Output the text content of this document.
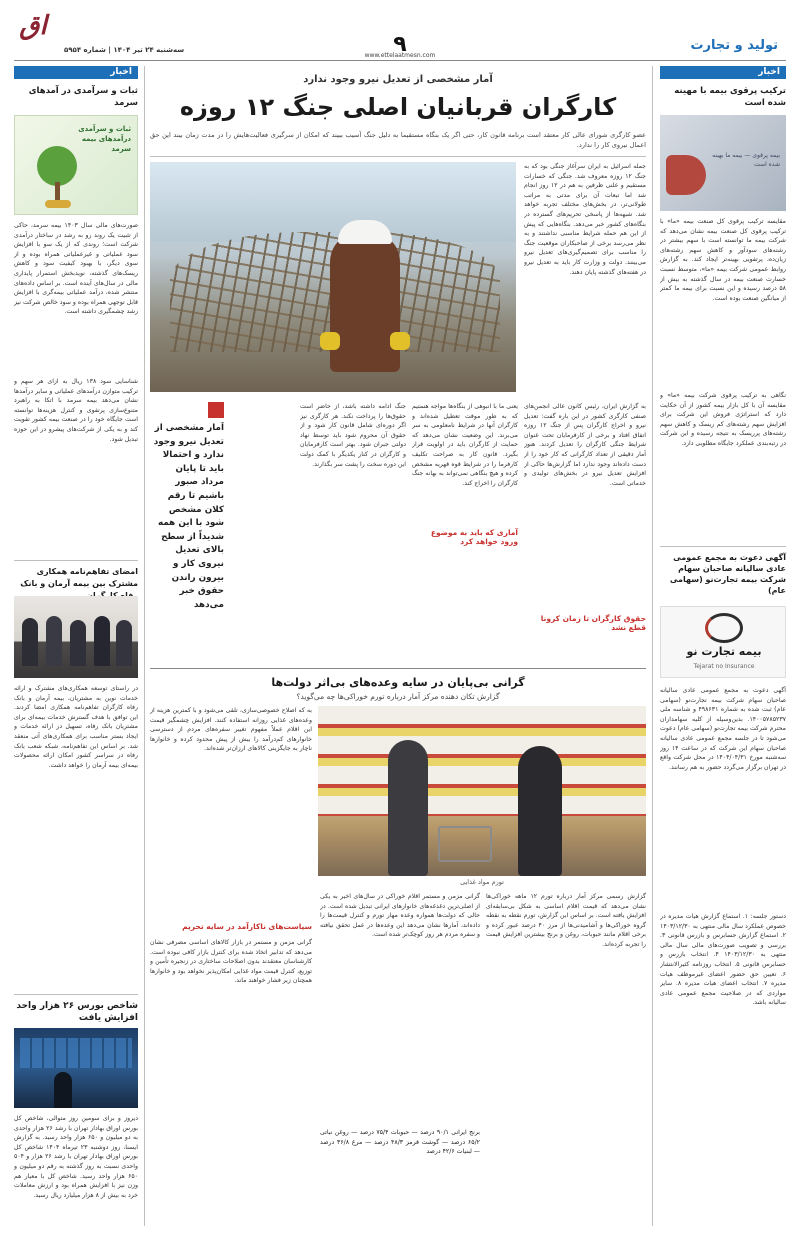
اق
سه‌شنبه ۲۴ تیر ۱۴۰۴ | شماره ۵۹۵۴	۹
www.ettelaatmesn.com
تولید و تجارت
اخبار
ثبات و سرآمدی در آمدهای سرمد
ثبات و سرآمدی درآمدهای بیمه سرمد
صورت‌های مالی سال ۱۴۰۳ بیمه سرمد، حاکی از تثبیت یک روند رو به رشد در ساختار درآمدی شرکت است؛ روندی که از یک سو با افزایش سود عملیاتی و غیرعملیاتی همراه بوده و از سوی دیگر، با بهبود کیفیت سود و کاهش ریسک‌های گذشته، نویدبخش استمرار پایداری مالی در سال‌های آینده است. بر اساس داده‌های منتشر شده، درآمد عملیاتی بیمه‌گری با افزایش قابل توجهی همراه بوده و سود خالص شرکت نیز رشد چشمگیری داشته است.
شناسایی سود ۱۳۸ ریال به ازای هر سهم و ترکیب متوازن درآمدهای عملیاتی و سایر درآمدها نشان می‌دهد بیمه سرمد با اتکا به راهبرد متنوع‌سازی پرتفوی و کنترل هزینه‌ها توانسته است جایگاه خود را در صنعت بیمه کشور تقویت کند و به یکی از شرکت‌های پیشرو در این حوزه تبدیل شود.
امضای تفاهم‌نامه همکاری مشترک بین بیمه آرمان و بانک
در راستای توسعه همکاری‌های مشترک و ارائه خدمات نوین به مشتریان، بیمه آرمان و بانک رفاه کارگران تفاهم‌نامه همکاری امضا کردند. این توافق با هدف گسترش خدمات بیمه‌ای برای مشتریان بانک رفاه، تسهیل در ارائه خدمات و ایجاد بستر مناسب برای همکاری‌های آتی منعقد شد. بر اساس این تفاهم‌نامه، شبکه شعب بانک رفاه در سراسر کشور امکان ارائه محصولات بیمه‌ای بیمه آرمان را خواهد داشت.
شاخص بورس ۲۶ هزار واحد افزایش یافت
دیروز و برای سومین روز متوالی، شاخص کل بورس اوراق بهادار تهران با رشد ۲۶ هزار واحدی به دو میلیون و ۶۵۰ هزار واحد رسید. به گزارش ایسنا، روز دوشنبه ۲۳ تیرماه ۱۴۰۴ شاخص کل بورس اوراق بهادار تهران با رشد ۲۶ هزار و ۵۰۴ واحدی نسبت به روز گذشته به رقم دو میلیون و ۶۵۰ هزار واحد رسید. شاخص کل با معیار هم وزن نیز با افزایش همراه بود و ارزش معاملات خرد به بیش از ۸ هزار میلیارد ریال رسید.
آمار مشخصی از تعدیل نیرو وجود ندارد
کارگران قربانیان اصلی جنگ ۱۲ روزه
عضو کارگری شورای عالی کار معتقد است برنامه قانون کار، حتی اگر یک بنگاه مستقیما به دلیل جنگ آسیب ببیند که امکان از سرگیری فعالیت‌هایش را در مدت زمان بیند این حق اعمال نیروی کار را ندارد.
جمله اسرائیل به ایران سرآغاز جنگی بود که به جنگ ۱۲ روزه معروف شد. جنگی که خسارات مستقیم و علنی ظرفین به هم در ۱۲ روز انجام شد اما تبعات آن برای مدتی به مراتب طولانی‌تر، در بخش‌های مختلف تجربه خواهد شد. شبهه‌ها از پاسخی تحریم‌های گسترده در بنگاه‌های کشور خبر می‌دهد. بنگاه‌هایی که پیش از این هم حمله شرایط مناسبی نداشتند و به نظر می‌رسد برخی از صاحبکاران موقعیت جنگ را مناسب برای تصمیم‌گیری‌های تعدیل نیرو می‌بینند. دولت و وزارت کار باید به تعدیل نیرو در هفته‌های گذشته پایان دهند.
آمار مشخصی از تعدیل نیرو وجود ندارد و احتمالا باید تا پایان مرداد صبور باشیم تا رقم کلان مشخص شود با این همه شدیداً از سطح بالای تعدیل نیروی کار و بیرون راندن حقوق خبر می‌دهد
به گزارش ایران، رئیس کانون عالی انجمن‌های صنفی کارگری کشور در این باره گفت: تعدیل نیرو و اخراج کارگران پس از جنگ ۱۲ روزه اتفاق افتاد و برخی از کارفرمایان تحت عنوان شرایط جنگی کارگران را تعدیل کردند. هنوز آمار دقیقی از تعداد کارگرانی که کار خود را از دست داده‌اند وجود ندارد اما گزارش‌ها حاکی از افزایش تعدیل نیرو در بخش‌های تولیدی و خدماتی است.
یعنی ما با انبوهی از بنگاه‌ها مواجه هستیم که به طور موقت تعطیل شده‌اند و کارگران آنها در شرایط نامعلومی به سر می‌برند. این وضعیت نشان می‌دهد که حمایت از کارگران باید در اولویت قرار بگیرد. قانون کار به صراحت تکلیف کارفرما را در شرایط قوه قهریه مشخص کرده و هیچ بنگاهی نمی‌تواند به بهانه جنگ کارگران را اخراج کند.
آماری که باید به موضوع ورود خواهد کرد
جنگ ادامه داشته باشد، از حاضر است حقوق‌ها را پرداخت نکند. هر کارگری نیز اگر دوره‌ای شامل قانون کار شود و از حقوق آن محروم شود باید توسط نهاد دولتی جبران شود. بهتر است کارفرمایان و کارگران در کنار یکدیگر با کمک دولت این دوره سخت را پشت سر بگذارند.
حقوق کارگران تا زمان کرونا قطع نشد
گرانی بی‌پایان در سایه وعده‌های بی‌اثر دولت‌ها
گزارش تکان دهنده مرکز آمار درباره تورم خوراکی‌ها چه می‌گوید؟
تورم مواد غذایی
به که اصلاح خصوصی‌سازی، تلقی می‌شود و با کمترین هزینه از وعده‌های غذایی روزانه استفاده کنند. افزایش چشمگیر قیمت این اقلام عملاً مفهوم تغییر سفره‌های مردم از دسترسی خانوارهای کم‌درآمد را بیش از پیش محدود کرده و خانوارها ناچار به جایگزینی کالاهای ارزان‌تر شده‌اند.
سیاست‌های ناکارآمد در سایه تحریم
گزارش رسمی مرکز آمار درباره تورم ۱۲ ماهه خوراکی‌ها نشان می‌دهد که قیمت اقلام اساسی به شکل بی‌سابقه‌ای افزایش یافته است. بر اساس این گزارش، تورم نقطه به نقطه گروه خوراکی‌ها و آشامیدنی‌ها از مرز ۴۰ درصد عبور کرده و برخی اقلام مانند حبوبات، روغن و برنج بیشترین افزایش قیمت را تجربه کرده‌اند.
گرانی مزمن و مستمر اقلام خوراکی در سال‌های اخیر به یکی از اصلی‌ترین دغدغه‌های خانوارهای ایرانی تبدیل شده است. در حالی که دولت‌ها همواره وعده مهار تورم و کنترل قیمت‌ها را داده‌اند، آمارها نشان می‌دهد این وعده‌ها در عمل تحقق نیافته و سفره مردم هر روز کوچک‌تر شده است.
برنج ایرانی ۹۰/۱ درصد — حبوبات ۷۵/۴ درصد — روغن نباتی ۶۵/۲ درصد — گوشت قرمز ۴۸/۳ درصد — مرغ ۳۶/۸ درصد — لبنیات ۴۲/۶ درصد
گرانی مزمن و مستمر در بازار کالاهای اساسی مصرفی نشان می‌دهد که تدابیر اتخاذ شده برای کنترل بازار کافی نبوده است. کارشناسان معتقدند بدون اصلاحات ساختاری در زنجیره تأمین و توزیع، کنترل قیمت مواد غذایی امکان‌پذیر نخواهد بود و خانوارها همچنان زیر فشار خواهند ماند.
اخبار
ترکیب پرقوی بیمه با مهینه شده است
بیمه پرقوی — بیمه ما بهینه شده است
مقایسه ترکیب پرقوی کل صنعت بیمه «ما» با ترکیب پرقوی کل صنعت بیمه نشان می‌دهد که شرکت بیمه ما توانسته است با سهم بیشتر در رشته‌های سودآور و کاهش سهم رشته‌های زیان‌ده، پرتفویی بهینه‌تر ایجاد کند. به گزارش روابط عمومی شرکت بیمه «ما»، متوسط نسبت خسارت صنعت بیمه در سال گذشته به بیش از ۵۸ درصد رسیده و این نسبت برای بیمه ما کمتر از میانگین صنعت بوده است.
نگاهی به ترکیب پرقوی شرکت بیمه «ما» و مقایسه آن با کل بازار بیمه کشور از آن حکایت دارد که استراتژی فروش این شرکت برای افزایش سهم رشته‌های کم ریسک و کاهش سهم رشته‌های پرریسک به نتیجه رسیده و این شرکت در رتبه‌بندی عملکرد جایگاه مطلوبی دارد.
آگهی دعوت به مجمع عمومی عادی سالیانه صاحبان سهام شرکت بیمه تجارت‌نو (سهامی عام)
بیمه تجارت نو
Tejarat no Insurance
آگهی دعوت به مجمع عمومی عادی سالیانه صاحبان سهام شرکت بیمه تجارت‌نو (سهامی عام) ثبت شده به شماره ۴۹۸۶۳۱ و شناسه ملی ۱۴۰۰۵۷۸۵۲۳۷. بدین‌وسیله از کلیه سهامداران محترم شرکت بیمه تجارت‌نو (سهامی عام) دعوت می‌شود تا در جلسه مجمع عمومی عادی سالیانه صاحبان سهام این شرکت که در ساعت ۱۴ روز سه‌شنبه مورخ ۱۴۰۴/۰۴/۳۱ در محل شرکت واقع در تهران برگزار می‌گردد حضور به هم رسانند.
دستور جلسه: ۱. استماع گزارش هیات مدیره در خصوص عملکرد سال مالی منتهی به ۱۴۰۳/۱۲/۳۰ ۲. استماع گزارش حسابرس و بازرس قانونی ۳. بررسی و تصویب صورت‌های مالی سال مالی منتهی به ۱۴۰۳/۱۲/۳۰ ۴. انتخاب بازرس و حسابرس قانونی ۵. انتخاب روزنامه کثیرالانتشار ۶. تعیین حق حضور اعضای غیرموظف هیات مدیره ۷. انتخاب اعضای هیات مدیره ۸. سایر مواردی که در صلاحیت مجمع عمومی عادی سالیانه باشد.
